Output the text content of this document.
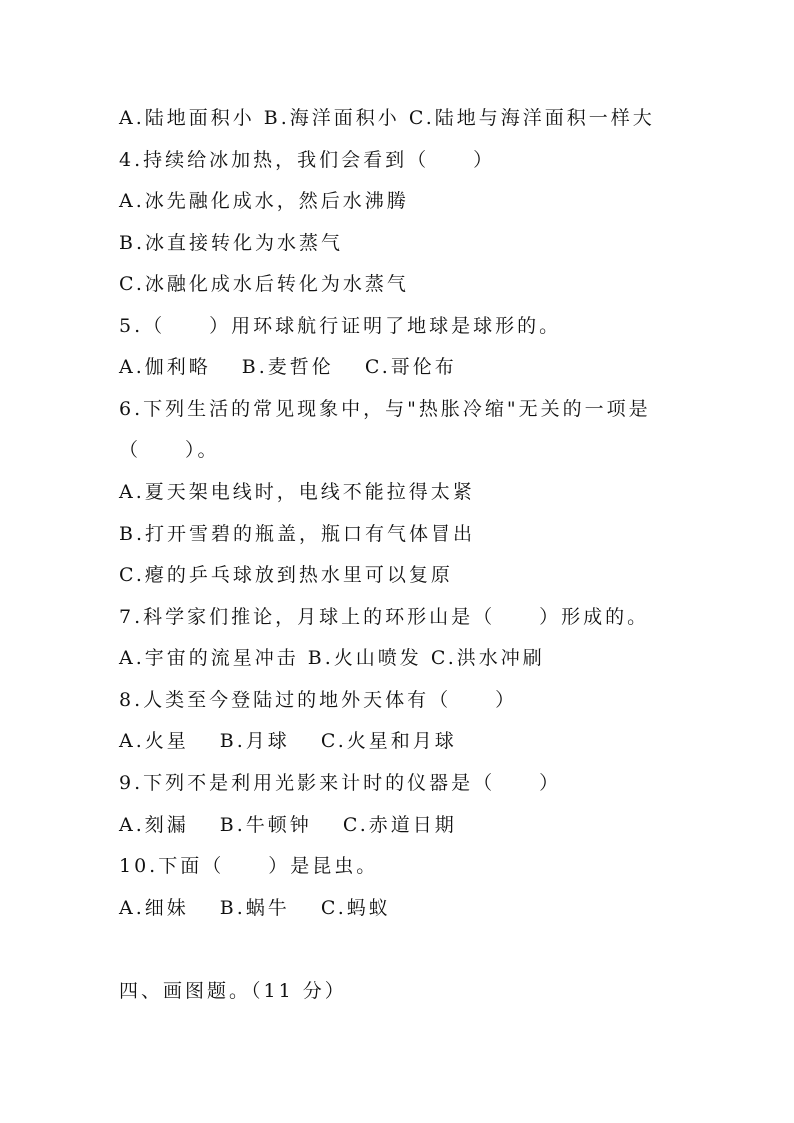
A.陆地面积小 B.海洋面积小 C.陆地与海洋面积一样大

4.持续给冰加热，我们会看到（　　）

A.冰先融化成水，然后水沸腾

B.冰直接转化为水蒸气

C.冰融化成水后转化为水蒸气

5.（　　）用环球航行证明了地球是球形的。

A.伽利略　 B.麦哲伦　 C.哥伦布

6.下列生活的常见现象中，与"热胀冷缩"无关的一项是

（　　）。

A.夏天架电线时，电线不能拉得太紧

B.打开雪碧的瓶盖，瓶口有气体冒出

C.瘪的乒乓球放到热水里可以复原

7.科学家们推论，月球上的环形山是（　　）形成的。

A.宇宙的流星冲击 B.火山喷发 C.洪水冲刷

8.人类至今登陆过的地外天体有（　　）

A.火星　 B.月球　 C.火星和月球

9.下列不是利用光影来计时的仪器是（　　）

A.刻漏　 B.牛顿钟　 C.赤道日期

10.下面（　　）是昆虫。

A.细妹　 B.蜗牛　 C.蚂蚁

四、画图题。（11 分）
